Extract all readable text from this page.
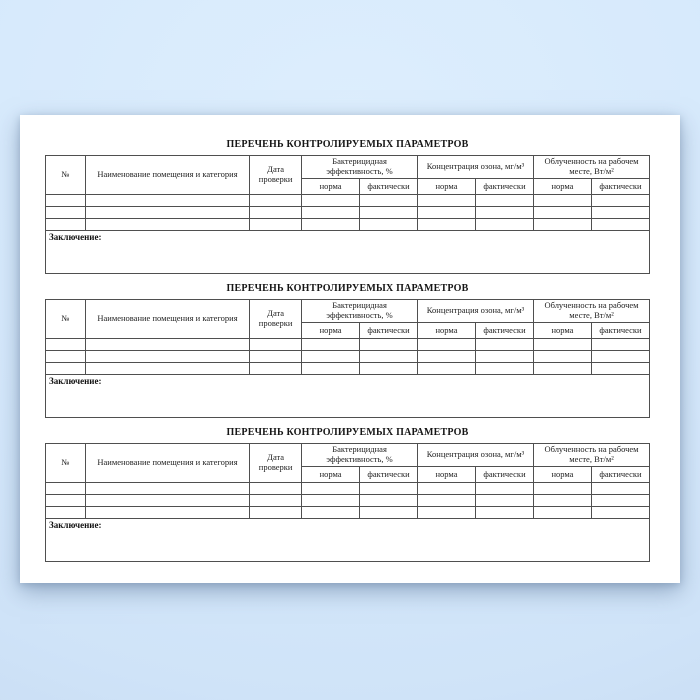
ПЕРЕЧЕНЬ КОНТРОЛИРУЕМЫХ ПАРАМЕТРОВ
№	Наименование помещения и категория	Дата проверки	Бактерицидная эффективность, %		Концентрация озона, мг/м³		Облученность на рабочем месте, Вт/м²	
			норма	фактически	норма	фактически	норма	фактически

Заключение:								
ПЕРЕЧЕНЬ КОНТРОЛИРУЕМЫХ ПАРАМЕТРОВ
№	Наименование помещения и категория	Дата проверки	Бактерицидная эффективность, %		Концентрация озона, мг/м³		Облученность на рабочем месте, Вт/м²	
			норма	фактически	норма	фактически	норма	фактически

Заключение:								
ПЕРЕЧЕНЬ КОНТРОЛИРУЕМЫХ ПАРАМЕТРОВ
№	Наименование помещения и категория	Дата проверки	Бактерицидная эффективность, %		Концентрация озона, мг/м³		Облученность на рабочем месте, Вт/м²	
			норма	фактически	норма	фактически	норма	фактически

Заключение:								
